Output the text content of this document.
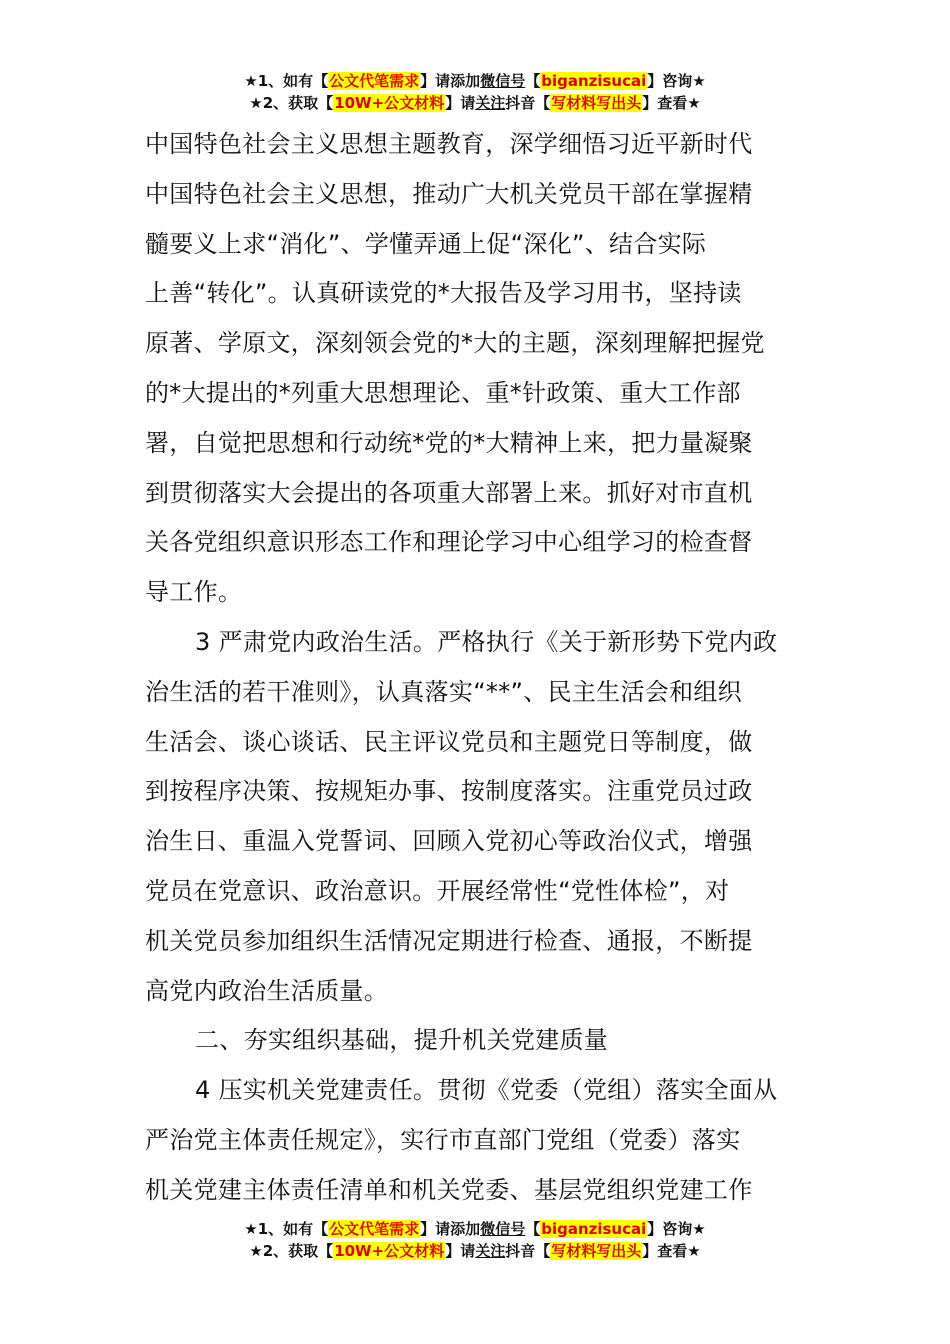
★1、如有【公文代笔需求】请添加微信号【biganzisucai】咨询★
★2、获取【10W+公文材料】请关注抖音【写材料写出头】查看★
中国特色社会主义思想主题教育，深学细悟习近平新时代
中国特色社会主义思想，推动广大机关党员干部在掌握精
髓要义上求“消化”、学懂弄通上促“深化”、结合实际
上善“转化”。认真研读党的*大报告及学习用书，坚持读
原著、学原文，深刻领会党的*大的主题，深刻理解把握党
的*大提出的*列重大思想理论、重*针政策、重大工作部
署，自觉把思想和行动统*党的*大精神上来，把力量凝聚
到贯彻落实大会提出的各项重大部署上来。抓好对市直机
关各党组织意识形态工作和理论学习中心组学习的检查督
导工作。
3 严肃党内政治生活。严格执行《关于新形势下党内政
治生活的若干准则》，认真落实“**”、民主生活会和组织
生活会、谈心谈话、民主评议党员和主题党日等制度，做
到按程序决策、按规矩办事、按制度落实。注重党员过政
治生日、重温入党誓词、回顾入党初心等政治仪式，增强
党员在党意识、政治意识。开展经常性“党性体检”，对
机关党员参加组织生活情况定期进行检查、通报，不断提
高党内政治生活质量。
二、夯实组织基础，提升机关党建质量
4 压实机关党建责任。贯彻《党委（党组）落实全面从
严治党主体责任规定》，实行市直部门党组（党委）落实
机关党建主体责任清单和机关党委、基层党组织党建工作
★1、如有【公文代笔需求】请添加微信号【biganzisucai】咨询★
★2、获取【10W+公文材料】请关注抖音【写材料写出头】查看★
